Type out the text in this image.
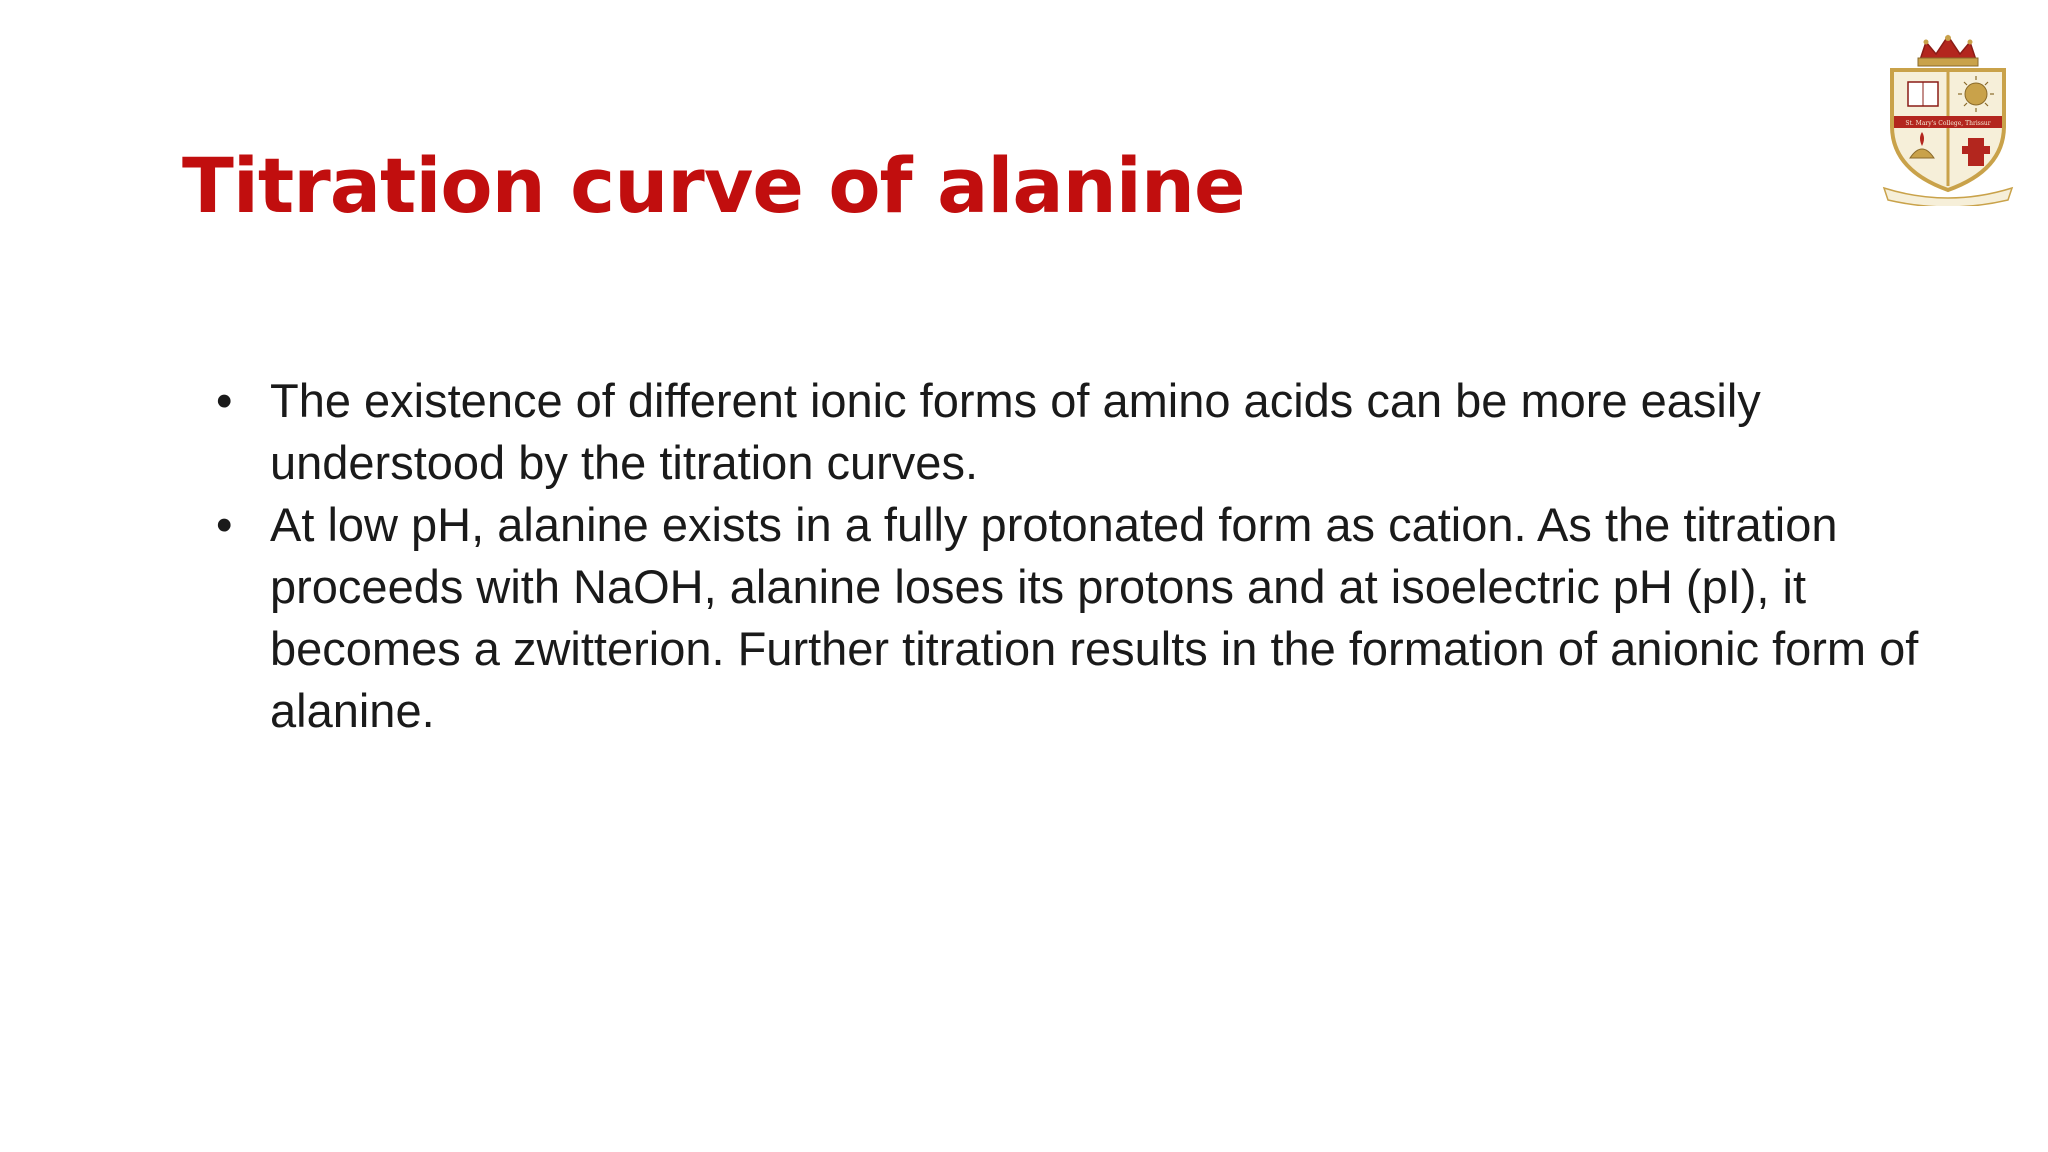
Titration curve of alanine
• The existence of different ionic forms of amino acids can be more easily understood by the titration curves.
• At low pH, alanine exists in a fully protonated form as cation. As the titration proceeds with NaOH, alanine loses its protons and at isoelectric pH (pI), it becomes a zwitterion. Further titration results in the formation of anionic form of alanine.
St. Mary's College, Thrissur
